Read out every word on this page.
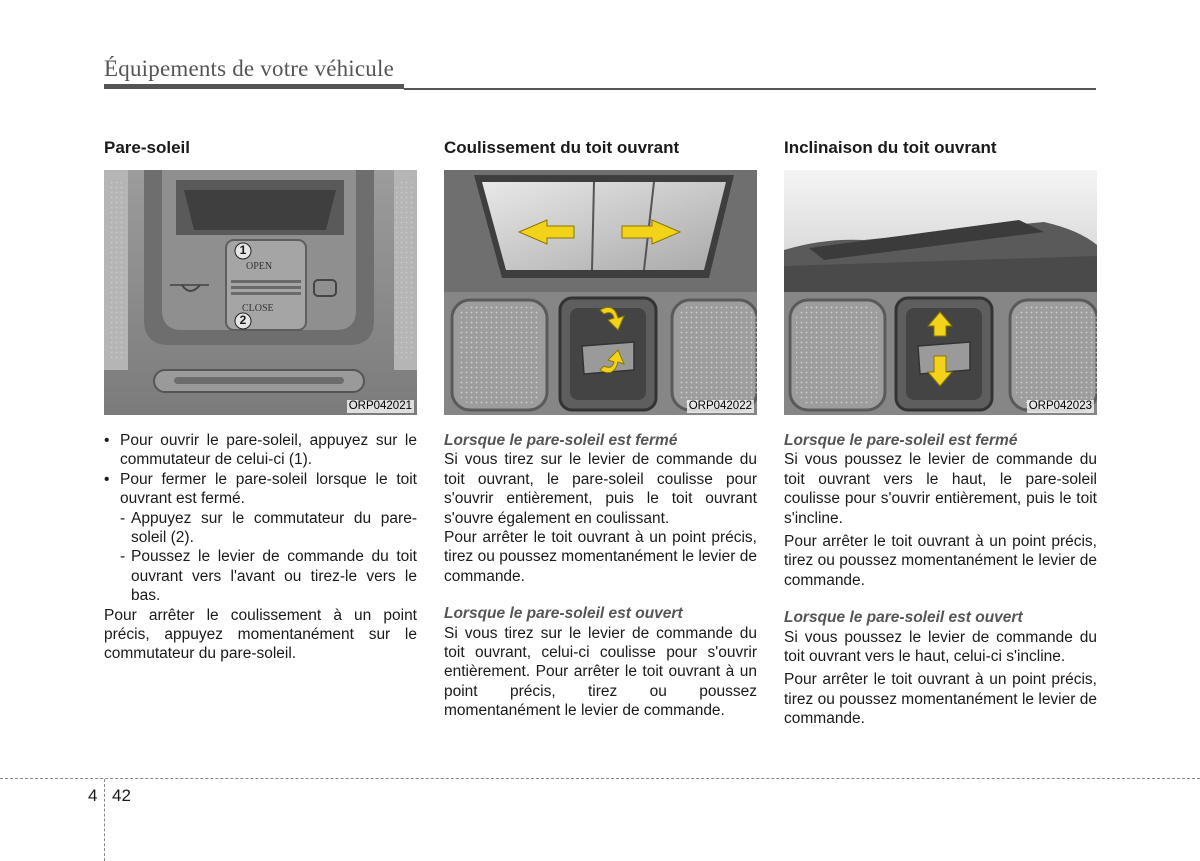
Équipements de votre véhicule
Pare-soleil
1
2
OPEN
CLOSE
ORP042021
• Pour ouvrir le pare-soleil, appuyez sur le commutateur de celui-ci (1).
• Pour fermer le pare-soleil lorsque le toit ouvrant est fermé.
- Appuyez sur le commutateur du pare-soleil (2).
- Poussez le levier de commande du toit ouvrant vers l'avant ou tirez-le vers le bas.

Pour arrêter le coulissement à un point précis, appuyez momentanément sur le commutateur du pare-soleil.

Coulissement du toit ouvrant
ORP042022

Lorsque le pare-soleil est fermé

Si vous tirez sur le levier de commande du toit ouvrant, le pare-soleil coulisse pour s'ouvrir entièrement, puis le toit ouvrant s'ouvre également en coulissant.

Pour arrêter le toit ouvrant à un point précis, tirez ou poussez momentanément le levier de commande.

Lorsque le pare-soleil est ouvert

Si vous tirez sur le levier de commande du toit ouvrant, celui-ci coulisse pour s'ouvrir entièrement. Pour arrêter le toit ouvrant à un point précis, tirez ou poussez momentanément le levier de commande.

Inclinaison du toit ouvrant
ORP042023

Lorsque le pare-soleil est fermé

Si vous poussez le levier de commande du toit ouvrant vers le haut, le pare-soleil coulisse pour s'ouvrir entièrement, puis le toit s'incline.

Pour arrêter le toit ouvrant à un point précis, tirez ou poussez momentanément le levier de commande.

Lorsque le pare-soleil est ouvert

Si vous poussez le levier de commande du toit ouvrant vers le haut, celui-ci s'incline.

Pour arrêter le toit ouvrant à un point précis, tirez ou poussez momentanément le levier de commande.

4 42
